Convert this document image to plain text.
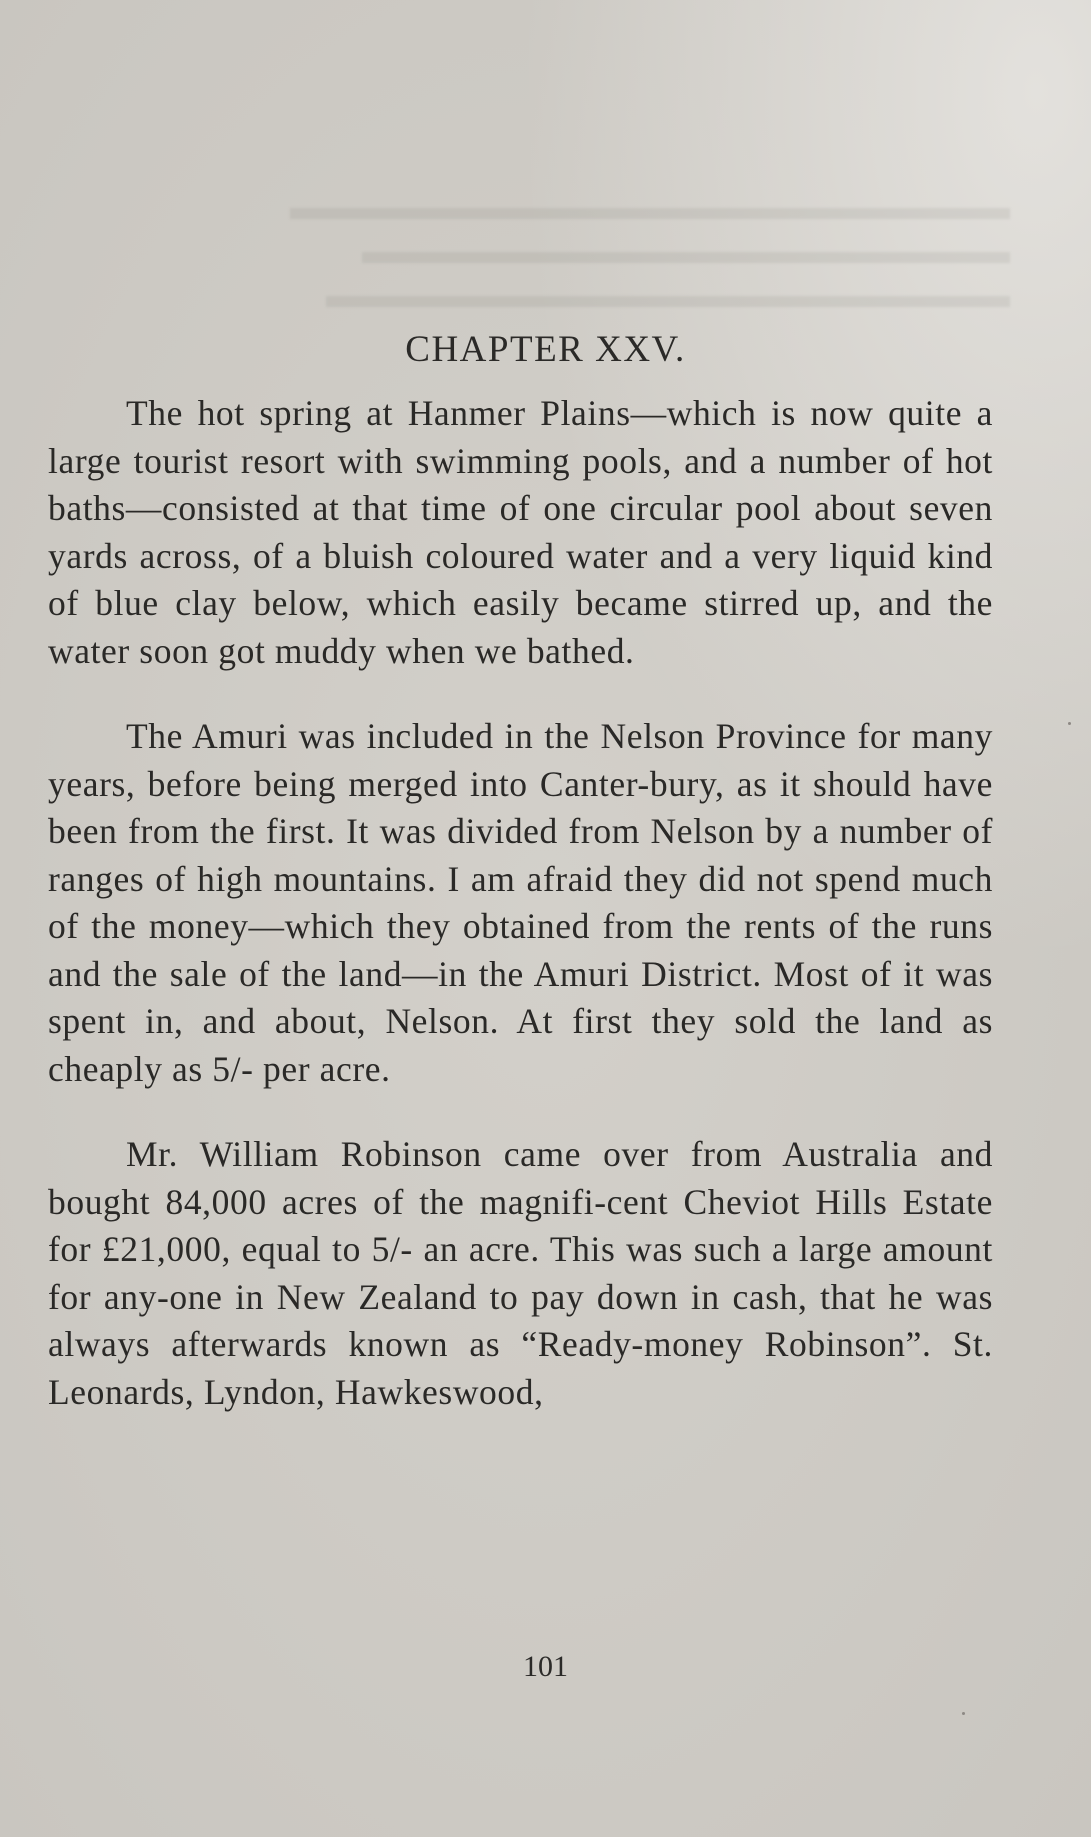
▬▬▬▬▬▬▬▬▬▬▬▬▬▬▬▬▬▬▬▬ ▬▬▬▬▬▬▬▬▬▬▬▬▬▬▬▬▬▬ ▬▬▬▬▬▬▬▬▬▬▬▬▬▬▬▬▬▬▬
CHAPTER XXV.

The hot spring at Hanmer Plains—which is now quite a large tourist resort with swimming pools, and a number of hot baths—consisted at that time of one circular pool about seven yards across, of a bluish coloured water and a very liquid kind of blue clay below, which easily became stirred up, and the water soon got muddy when we bathed.

The Amuri was included in the Nelson Province for many years, before being merged into Canter-bury, as it should have been from the first. It was divided from Nelson by a number of ranges of high mountains. I am afraid they did not spend much of the money—which they obtained from the rents of the runs and the sale of the land—in the Amuri District. Most of it was spent in, and about, Nelson. At first they sold the land as cheaply as 5/- per acre.

Mr. William Robinson came over from Australia and bought 84,000 acres of the magnifi-cent Cheviot Hills Estate for £21,000, equal to 5/- an acre. This was such a large amount for any-one in New Zealand to pay down in cash, that he was always afterwards known as “Ready-money Robinson”. St. Leonards, Lyndon, Hawkeswood,

101
